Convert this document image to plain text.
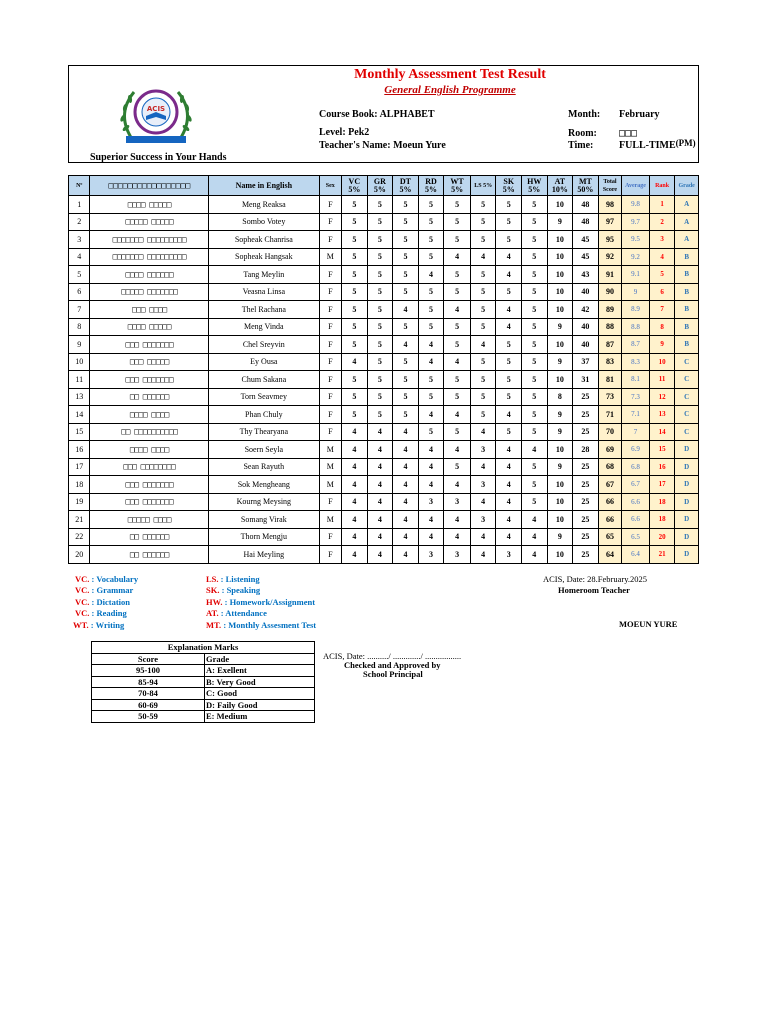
ACIS
Monthly Assessment Test Result
General English Programme
Superior Success in Your Hands
Course Book: ALPHABET
Level: Pek2
Teacher's Name: Moeun Yure
Month: February
Room: □□□
Time:	FULL-TIME(PM)
Nº	□□□□□□□□□□□□□□□□□	Name in English	Sex	VC 5%	GR 5%	DT 5%	RD 5%	WT 5%	LS 5%	SK 5%	HW 5%	AT 10%	MT 50%	Total Score	Average	Rank	Grade
1	□□□□ □□□□□	Meng Reaksa	F	5	5	5	5	5	5	5	5	10	48	98	9.8	1	A
2	□□□□□ □□□□□	Sombo Votey	F	5	5	5	5	5	5	5	5	9	48	97	9.7	2	A
3	□□□□□□□ □□□□□□□□□	Sopheak Chanrisa	F	5	5	5	5	5	5	5	5	10	45	95	9.5	3	A
4	□□□□□□□ □□□□□□□□□	Sopheak Hangsak	M	5	5	5	5	4	4	4	5	10	45	92	9.2	4	B
5	□□□□ □□□□□□	Tang Meylin	F	5	5	5	4	5	5	4	5	10	43	91	9.1	5	B
6	□□□□□ □□□□□□□	Veasna Linsa	F	5	5	5	5	5	5	5	5	10	40	90	9	6	B
7	□□□ □□□□	Thel Rachana	F	5	5	4	5	4	5	4	5	10	42	89	8.9	7	B
8	□□□□ □□□□□	Meng Vinda	F	5	5	5	5	5	5	4	5	9	40	88	8.8	8	B
9	□□□ □□□□□□□	Chel Sreyvin	F	5	5	4	4	5	4	5	5	10	40	87	8.7	9	B
10	□□□ □□□□□	Ey Ousa	F	4	5	5	4	4	5	5	5	9	37	83	8.3	10	C
11	□□□ □□□□□□□	Chum Sakana	F	5	5	5	5	5	5	5	5	10	31	81	8.1	11	C
13	□□ □□□□□□	Torn Seavmey	F	5	5	5	5	5	5	5	5	8	25	73	7.3	12	C
14	□□□□ □□□□	Phan Chuly	F	5	5	5	4	4	5	4	5	9	25	71	7.1	13	C
15	□□ □□□□□□□□□□	Thy Thearyana	F	4	4	4	5	5	4	5	5	9	25	70	7	14	C
16	□□□□ □□□□	Soern Seyla	M	4	4	4	4	4	3	4	4	10	28	69	6.9	15	D
17	□□□ □□□□□□□□	Sean Rayuth	M	4	4	4	4	5	4	4	5	9	25	68	6.8	16	D
18	□□□ □□□□□□□	Sok Mengheang	M	4	4	4	4	4	3	4	5	10	25	67	6.7	17	D
19	□□□ □□□□□□□	Kourng Meysing	F	4	4	4	3	3	4	4	5	10	25	66	6.6	18	D
21	□□□□□ □□□□	Somang Virak	M	4	4	4	4	4	3	4	4	10	25	66	6.6	18	D
22	□□ □□□□□□	Thorn Mengju	F	4	4	4	4	4	4	4	4	9	25	65	6.5	20	D
20	□□ □□□□□□	Hai Meyling	F	4	4	4	3	3	4	3	4	10	25	64	6.4	21	D
VC. : Vocabulary
VC. : Grammar
VC. : Dictation
VC. : Reading
WT. : Writing
LS. : Listening
SK. : Speaking
HW. : Homework/Assignment
AT. : Attendance
MT. : Monthly Assesment Test
ACIS, Date: 28.February.2025
Homeroom Teacher
MOEUN YURE
ACIS, Date: ........../ ............./ .................
Checked and Approved by
School Principal
Explanation Marks	
Score	Grade
95-100	A: Exellent
85-94	B: Very Good
70-84	C: Good
60-69	D: Faily Good
50-59	E: Medium
